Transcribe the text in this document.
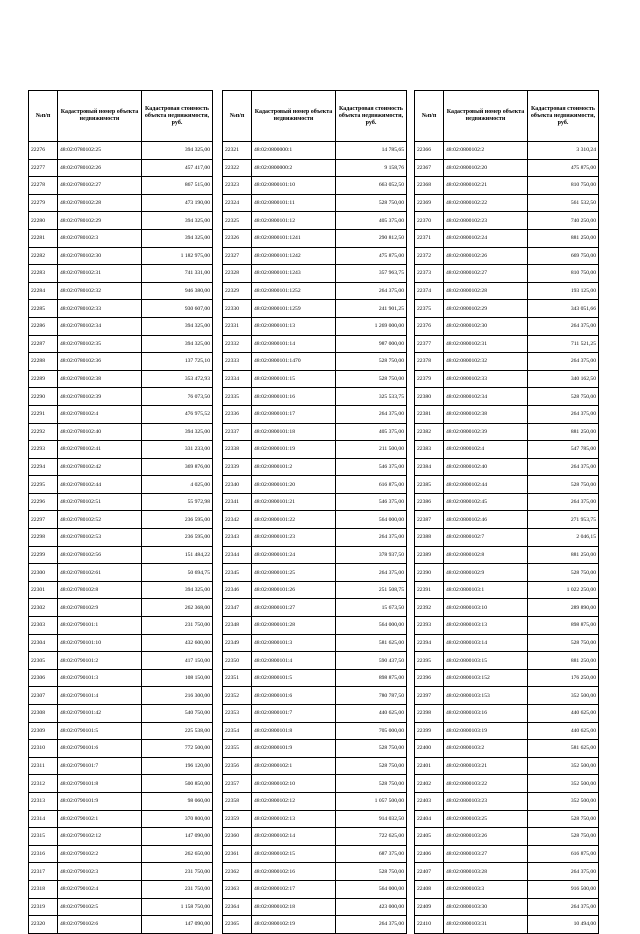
№п/п	Кадастровый номер объекта недвижимости	Кадастровая стоимость объекта недвижимости, руб.
22276	48:02:0780102:25	394 325,00
22277	48:02:0780102:26	457 417,00
22278	48:02:0780102:27	867 515,00
22279	48:02:0780102:28	473 190,00
22280	48:02:0780102:29	394 325,00
22281	48:02:0780102:3	394 325,00
22282	48:02:0780102:30	1 182 975,00
22283	48:02:0780102:31	741 331,00
22284	48:02:0780102:32	946 380,00
22285	48:02:0780102:33	930 607,00
22286	48:02:0780102:34	394 325,00
22287	48:02:0780102:35	394 325,00
22288	48:02:0780102:36	137 725,10
22289	48:02:0780102:38	353 472,93
22290	48:02:0780102:39	76 073,50
22291	48:02:0780102:4	476 975,52
22292	48:02:0780102:40	394 325,00
22293	48:02:0780102:41	331 233,00
22294	48:02:0780102:42	369 876,00
22295	48:02:0780102:44	4 025,00
22296	48:02:0780102:51	55 972,98
22297	48:02:0780102:52	236 595,00
22298	48:02:0780102:53	236 595,00
22299	48:02:0780102:56	151 484,22
22300	48:02:0780102:61	50 694,75
22301	48:02:0780102:8	394 325,00
22302	48:02:0780102:9	262 368,00
22303	48:02:0790101:1	231 750,00
22304	48:02:0790101:10	432 600,00
22305	48:02:0790101:2	417 150,00
22306	48:02:0790101:3	108 150,00
22307	48:02:0790101:4	216 300,00
22308	48:02:0790101:42	540 750,00
22309	48:02:0790101:5	225 538,00
22310	48:02:0790101:6	772 500,00
22311	48:02:0790101:7	196 120,00
22312	48:02:0790101:8	500 850,00
22313	48:02:0790101:9	98 060,00
22314	48:02:0790102:1	370 800,00
22315	48:02:0790102:12	147 090,00
22316	48:02:0790102:2	262 650,00
22317	48:02:0790102:3	231 750,00
22318	48:02:0790102:4	231 750,00
22319	48:02:0790102:5	1 158 750,00
22320	48:02:0790102:6	147 090,00
№п/п	Кадастровый номер объекта недвижимости	Кадастровая стоимость объекта недвижимости, руб.
22321	48:02:0800000:1	14 785,65
22322	48:02:0800000:2	9 158,76
22323	48:02:0800101:10	663 052,50
22324	48:02:0800101:11	528 750,00
22325	48:02:0800101:12	405 375,00
22326	48:02:0800101:1241	290 812,50
22327	48:02:0800101:1242	475 875,00
22328	48:02:0800101:1243	357 963,75
22329	48:02:0800101:1252	264 375,00
22330	48:02:0800101:1259	241 901,25
22331	48:02:0800101:13	1 269 000,00
22332	48:02:0800101:14	987 000,00
22333	48:02:0800101:1470	528 750,00
22334	48:02:0800101:15	528 750,00
22335	48:02:0800101:16	325 533,75
22336	48:02:0800101:17	264 375,00
22337	48:02:0800101:18	405 375,00
22338	48:02:0800101:19	211 500,00
22339	48:02:0800101:2	546 375,00
22340	48:02:0800101:20	616 875,00
22341	48:02:0800101:21	546 375,00
22342	48:02:0800101:22	564 000,00
22343	48:02:0800101:23	264 375,00
22344	48:02:0800101:24	378 937,50
22345	48:02:0800101:25	264 375,00
22346	48:02:0800101:26	251 508,75
22347	48:02:0800101:27	15 673,50
22348	48:02:0800101:28	564 000,00
22349	48:02:0800101:3	581 625,00
22350	48:02:0800101:4	590 437,50
22351	48:02:0800101:5	898 875,00
22352	48:02:0800101:6	780 787,50
22353	48:02:0800101:7	440 625,00
22354	48:02:0800101:8	705 000,00
22355	48:02:0800101:9	528 750,00
22356	48:02:0800102:1	528 750,00
22357	48:02:0800102:10	528 750,00
22358	48:02:0800102:12	1 057 500,00
22359	48:02:0800102:13	914 032,50
22360	48:02:0800102:14	722 625,00
22361	48:02:0800102:15	687 375,00
22362	48:02:0800102:16	528 750,00
22363	48:02:0800102:17	564 000,00
22364	48:02:0800102:18	423 000,00
22365	48:02:0800102:19	264 375,00
№п/п	Кадастровый номер объекта недвижимости	Кадастровая стоимость объекта недвижимости, руб.
22366	48:02:0800102:2	3 310,24
22367	48:02:0800102:20	475 875,00
22368	48:02:0800102:21	810 750,00
22369	48:02:0800102:22	561 532,50
22370	48:02:0800102:23	740 250,00
22371	48:02:0800102:24	881 250,00
22372	48:02:0800102:26	669 750,00
22373	48:02:0800102:27	810 750,00
22374	48:02:0800102:28	193 125,00
22375	48:02:0800102:29	343 051,66
22376	48:02:0800102:30	264 375,00
22377	48:02:0800102:31	711 521,25
22378	48:02:0800102:32	264 375,00
22379	48:02:0800102:33	340 162,50
22380	48:02:0800102:34	528 750,00
22381	48:02:0800102:38	264 375,00
22382	48:02:0800102:39	881 250,00
22383	48:02:0800102:4	547 785,00
22384	48:02:0800102:40	264 375,00
22385	48:02:0800102:44	528 750,00
22386	48:02:0800102:45	264 375,00
22387	48:02:0800102:46	271 953,75
22388	48:02:0800102:7	2 046,15
22389	48:02:0800102:8	881 250,00
22390	48:02:0800102:9	528 750,00
22391	48:02:0800103:1	1 022 250,00
22392	48:02:0800103:10	289 890,00
22393	48:02:0800103:13	898 875,00
22394	48:02:0800103:14	528 750,00
22395	48:02:0800103:15	881 250,00
22396	48:02:0800103:152	176 250,00
22397	48:02:0800103:153	352 500,00
22398	48:02:0800103:16	440 625,00
22399	48:02:0800103:19	440 625,00
22400	48:02:0800103:2	581 625,00
22401	48:02:0800103:21	352 500,00
22402	48:02:0800103:22	352 500,00
22403	48:02:0800103:23	352 500,00
22404	48:02:0800103:25	528 750,00
22405	48:02:0800103:26	528 750,00
22406	48:02:0800103:27	616 875,00
22407	48:02:0800103:28	264 375,00
22408	48:02:0800103:3	916 500,00
22409	48:02:0800103:30	264 375,00
22410	48:02:0800103:31	10 494,00
